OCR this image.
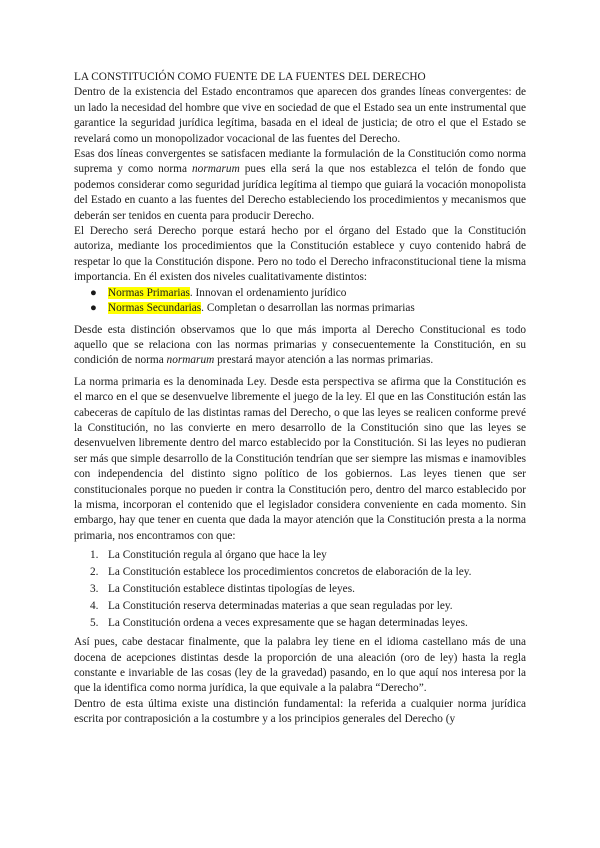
LA CONSTITUCIÓN COMO FUENTE DE LA FUENTES DEL DERECHO

Dentro de la existencia del Estado encontramos que aparecen dos grandes líneas convergentes: de un lado la necesidad del hombre que vive en sociedad de que el Estado sea un ente instrumental que garantice la seguridad jurídica legítima, basada en el ideal de justicia; de otro el que el Estado se revelará como un monopolizador vocacional de las fuentes del Derecho.

Esas dos líneas convergentes se satisfacen mediante la formulación de la Constitución como norma suprema y como norma normarum pues ella será la que nos establezca el telón de fondo que podemos considerar como seguridad jurídica legítima al tiempo que guiará la vocación monopolista del Estado en cuanto a las fuentes del Derecho estableciendo los procedimientos y mecanismos que deberán ser tenidos en cuenta para producir Derecho.

El Derecho será Derecho porque estará hecho por el órgano del Estado que la Constitución autoriza, mediante los procedimientos que la Constitución establece y cuyo contenido habrá de respetar lo que la Constitución dispone. Pero no todo el Derecho infraconstitucional tiene la misma importancia. En él existen dos niveles cualitativamente distintos:

● Normas Primarias. Innovan el ordenamiento jurídico
● Normas Secundarias. Completan o desarrollan las normas primarias

Desde esta distinción observamos que lo que más importa al Derecho Constitucional es todo aquello que se relaciona con las normas primarias y consecuentemente la Constitución, en su condición de norma normarum prestará mayor atención a las normas primarias.

La norma primaria es la denominada Ley. Desde esta perspectiva se afirma que la Constitución es el marco en el que se desenvuelve libremente el juego de la ley. El que en las Constitución están las cabeceras de capítulo de las distintas ramas del Derecho, o que las leyes se realicen conforme prevé la Constitución, no las convierte en mero desarrollo de la Constitución sino que las leyes se desenvuelven libremente dentro del marco establecido por la Constitución. Si las leyes no pudieran ser más que simple desarrollo de la Constitución tendrían que ser siempre las mismas e inamovibles con independencia del distinto signo político de los gobiernos. Las leyes tienen que ser constitucionales porque no pueden ir contra la Constitución pero, dentro del marco establecido por la misma, incorporan el contenido que el legislador considera conveniente en cada momento. Sin embargo, hay que tener en cuenta que dada la mayor atención que la Constitución presta a la norma primaria, nos encontramos con que:

1. La Constitución regula al órgano que hace la ley
2. La Constitución establece los procedimientos concretos de elaboración de la ley.
3. La Constitución establece distintas tipologías de leyes.
4. La Constitución reserva determinadas materias a que sean reguladas por ley.
5. La Constitución ordena a veces expresamente que se hagan determinadas leyes.

Así pues, cabe destacar finalmente, que la palabra ley tiene en el idioma castellano más de una docena de acepciones distintas desde la proporción de una aleación (oro de ley) hasta la regla constante e invariable de las cosas (ley de la gravedad) pasando, en lo que aquí nos interesa por la que la identifica como norma jurídica, la que equivale a la palabra “Derecho”.

Dentro de esta última existe una distinción fundamental: la referida a cualquier norma jurídica escrita por contraposición a la costumbre y a los principios generales del Derecho (y
